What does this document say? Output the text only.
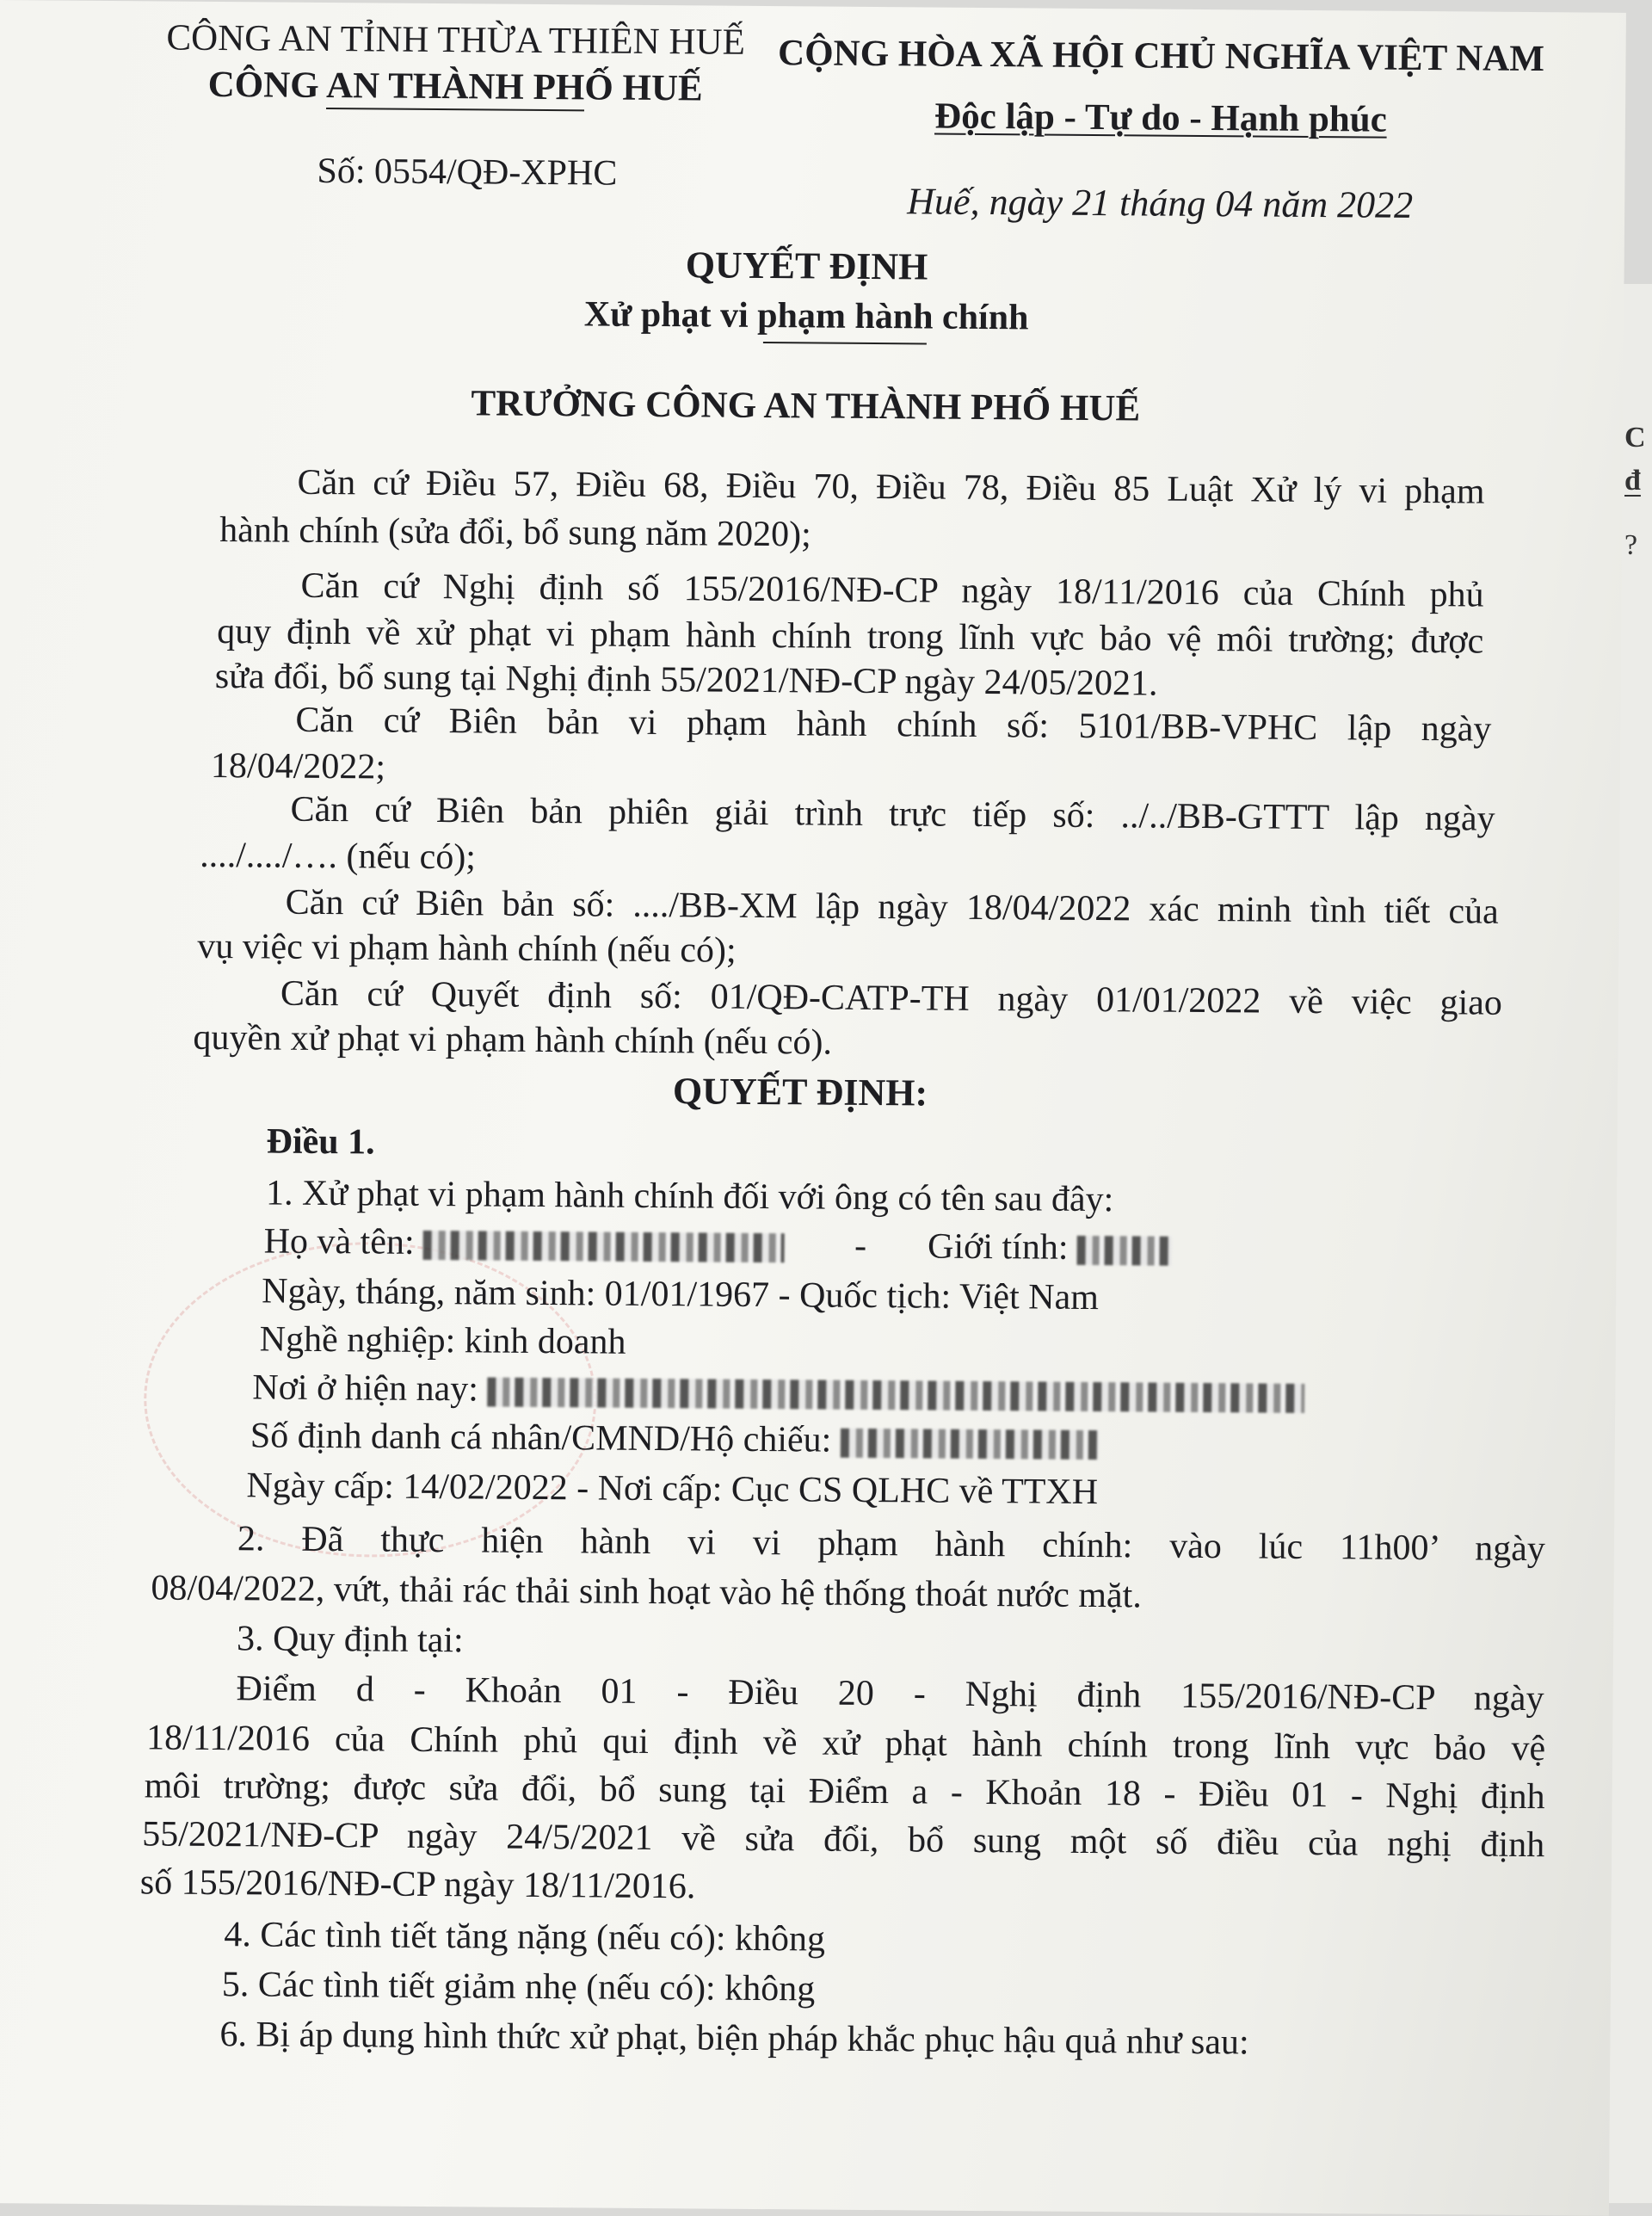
C
đ
?
CÔNG AN TỈNH THỪA THIÊN HUẾ
CÔNG AN THÀNH PHỐ HUẾ
Số: 0554/QĐ-XPHC
CỘNG HÒA XÃ HỘI CHỦ NGHĨA VIỆT NAM
Độc lập - Tự do - Hạnh phúc
Huế, ngày 21 tháng 04 năm 2022
QUYẾT ĐỊNH
Xử phạt vi phạm hành chính
TRƯỞNG CÔNG AN THÀNH PHỐ HUẾ
Căn cứ Điều 57, Điều 68, Điều 70, Điều 78, Điều 85 Luật Xử lý vi phạm
hành chính (sửa đổi, bổ sung năm 2020);
Căn cứ Nghị định số 155/2016/NĐ-CP ngày 18/11/2016 của Chính phủ
quy định về xử phạt vi phạm hành chính trong lĩnh vực bảo vệ môi trường; được
sửa đổi, bổ sung tại Nghị định 55/2021/NĐ-CP ngày 24/05/2021.
Căn cứ Biên bản vi phạm hành chính số: 5101/BB-VPHC lập ngày
18/04/2022;
Căn cứ Biên bản phiên giải trình trực tiếp số: ../../BB-GTTT lập ngày
..../..../…. (nếu có);
Căn cứ Biên bản số: ..../BB-XM lập ngày 18/04/2022 xác minh tình tiết của
vụ việc vi phạm hành chính (nếu có);
Căn cứ Quyết định số: 01/QĐ-CATP-TH ngày 01/01/2022 về việc giao
quyền xử phạt vi phạm hành chính (nếu có).
QUYẾT ĐỊNH:
Điều 1.
1. Xử phạt vi phạm hành chính đối với ông có tên sau đây:
Họ và tên:	- Giới tính:
Ngày, tháng, năm sinh: 01/01/1967 - Quốc tịch: Việt Nam
Nghề nghiệp: kinh doanh
Nơi ở hiện nay:
Số định danh cá nhân/CMND/Hộ chiếu:
Ngày cấp: 14/02/2022 - Nơi cấp: Cục CS QLHC về TTXH
2. Đã thực hiện hành vi vi phạm hành chính: vào lúc 11h00’ ngày
08/04/2022, vứt, thải rác thải sinh hoạt vào hệ thống thoát nước mặt.
3. Quy định tại:
Điểm d - Khoản 01 - Điều 20 - Nghị định 155/2016/NĐ-CP ngày
18/11/2016 của Chính phủ qui định về xử phạt hành chính trong lĩnh vực bảo vệ
môi trường; được sửa đổi, bổ sung tại Điểm a - Khoản 18 - Điều 01 - Nghị định
55/2021/NĐ-CP ngày 24/5/2021 về sửa đổi, bổ sung một số điều của nghị định
số 155/2016/NĐ-CP ngày 18/11/2016.
4. Các tình tiết tăng nặng (nếu có): không
5. Các tình tiết giảm nhẹ (nếu có): không
6. Bị áp dụng hình thức xử phạt, biện pháp khắc phục hậu quả như sau:
